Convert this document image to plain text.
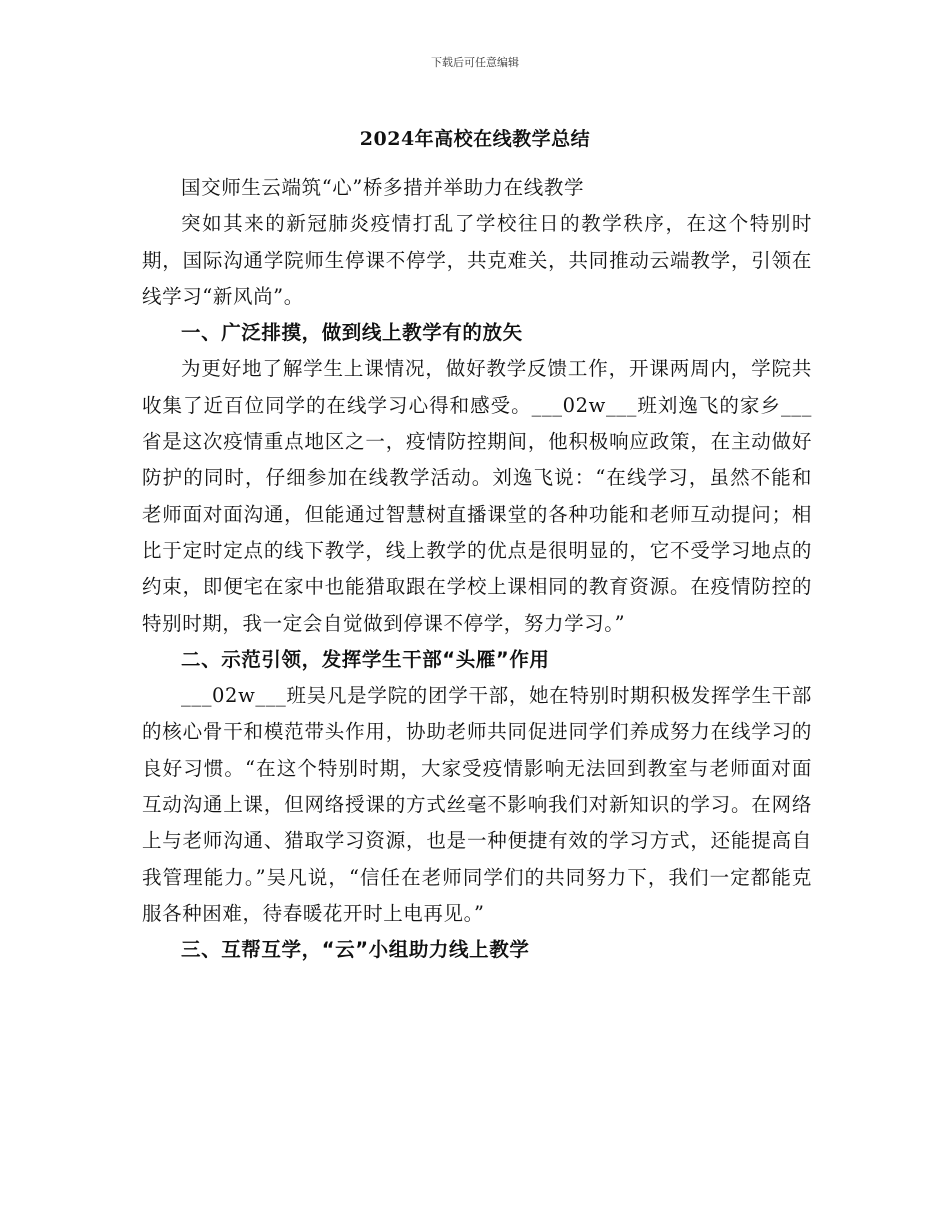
下载后可任意编辑
2024年高校在线教学总结

国交师生云端筑“心”桥多措并举助力在线教学

突如其来的新冠肺炎疫情打乱了学校往日的教学秩序，在这个特别时期，国际沟通学院师生停课不停学，共克难关，共同推动云端教学，引领在线学习“新风尚”。

一、广泛排摸，做到线上教学有的放矢

为更好地了解学生上课情况，做好教学反馈工作，开课两周内，学院共收集了近百位同学的在线学习心得和感受。___02w___班刘逸飞的家乡___省是这次疫情重点地区之一，疫情防控期间，他积极响应政策，在主动做好防护的同时，仔细参加在线教学活动。刘逸飞说：“在线学习，虽然不能和老师面对面沟通，但能通过智慧树直播课堂的各种功能和老师互动提问；相比于定时定点的线下教学，线上教学的优点是很明显的，它不受学习地点的约束，即便宅在家中也能猎取跟在学校上课相同的教育资源。在疫情防控的特别时期，我一定会自觉做到停课不停学，努力学习。”

二、示范引领，发挥学生干部“头雁”作用

___02w___班吴凡是学院的团学干部，她在特别时期积极发挥学生干部的核心骨干和模范带头作用，协助老师共同促进同学们养成努力在线学习的良好习惯。“在这个特别时期，大家受疫情影响无法回到教室与老师面对面互动沟通上课，但网络授课的方式丝毫不影响我们对新知识的学习。在网络上与老师沟通、猎取学习资源，也是一种便捷有效的学习方式，还能提高自我管理能力。”吴凡说，“信任在老师同学们的共同努力下，我们一定都能克服各种困难，待春暖花开时上电再见。”

三、互帮互学，“云”小组助力线上教学
